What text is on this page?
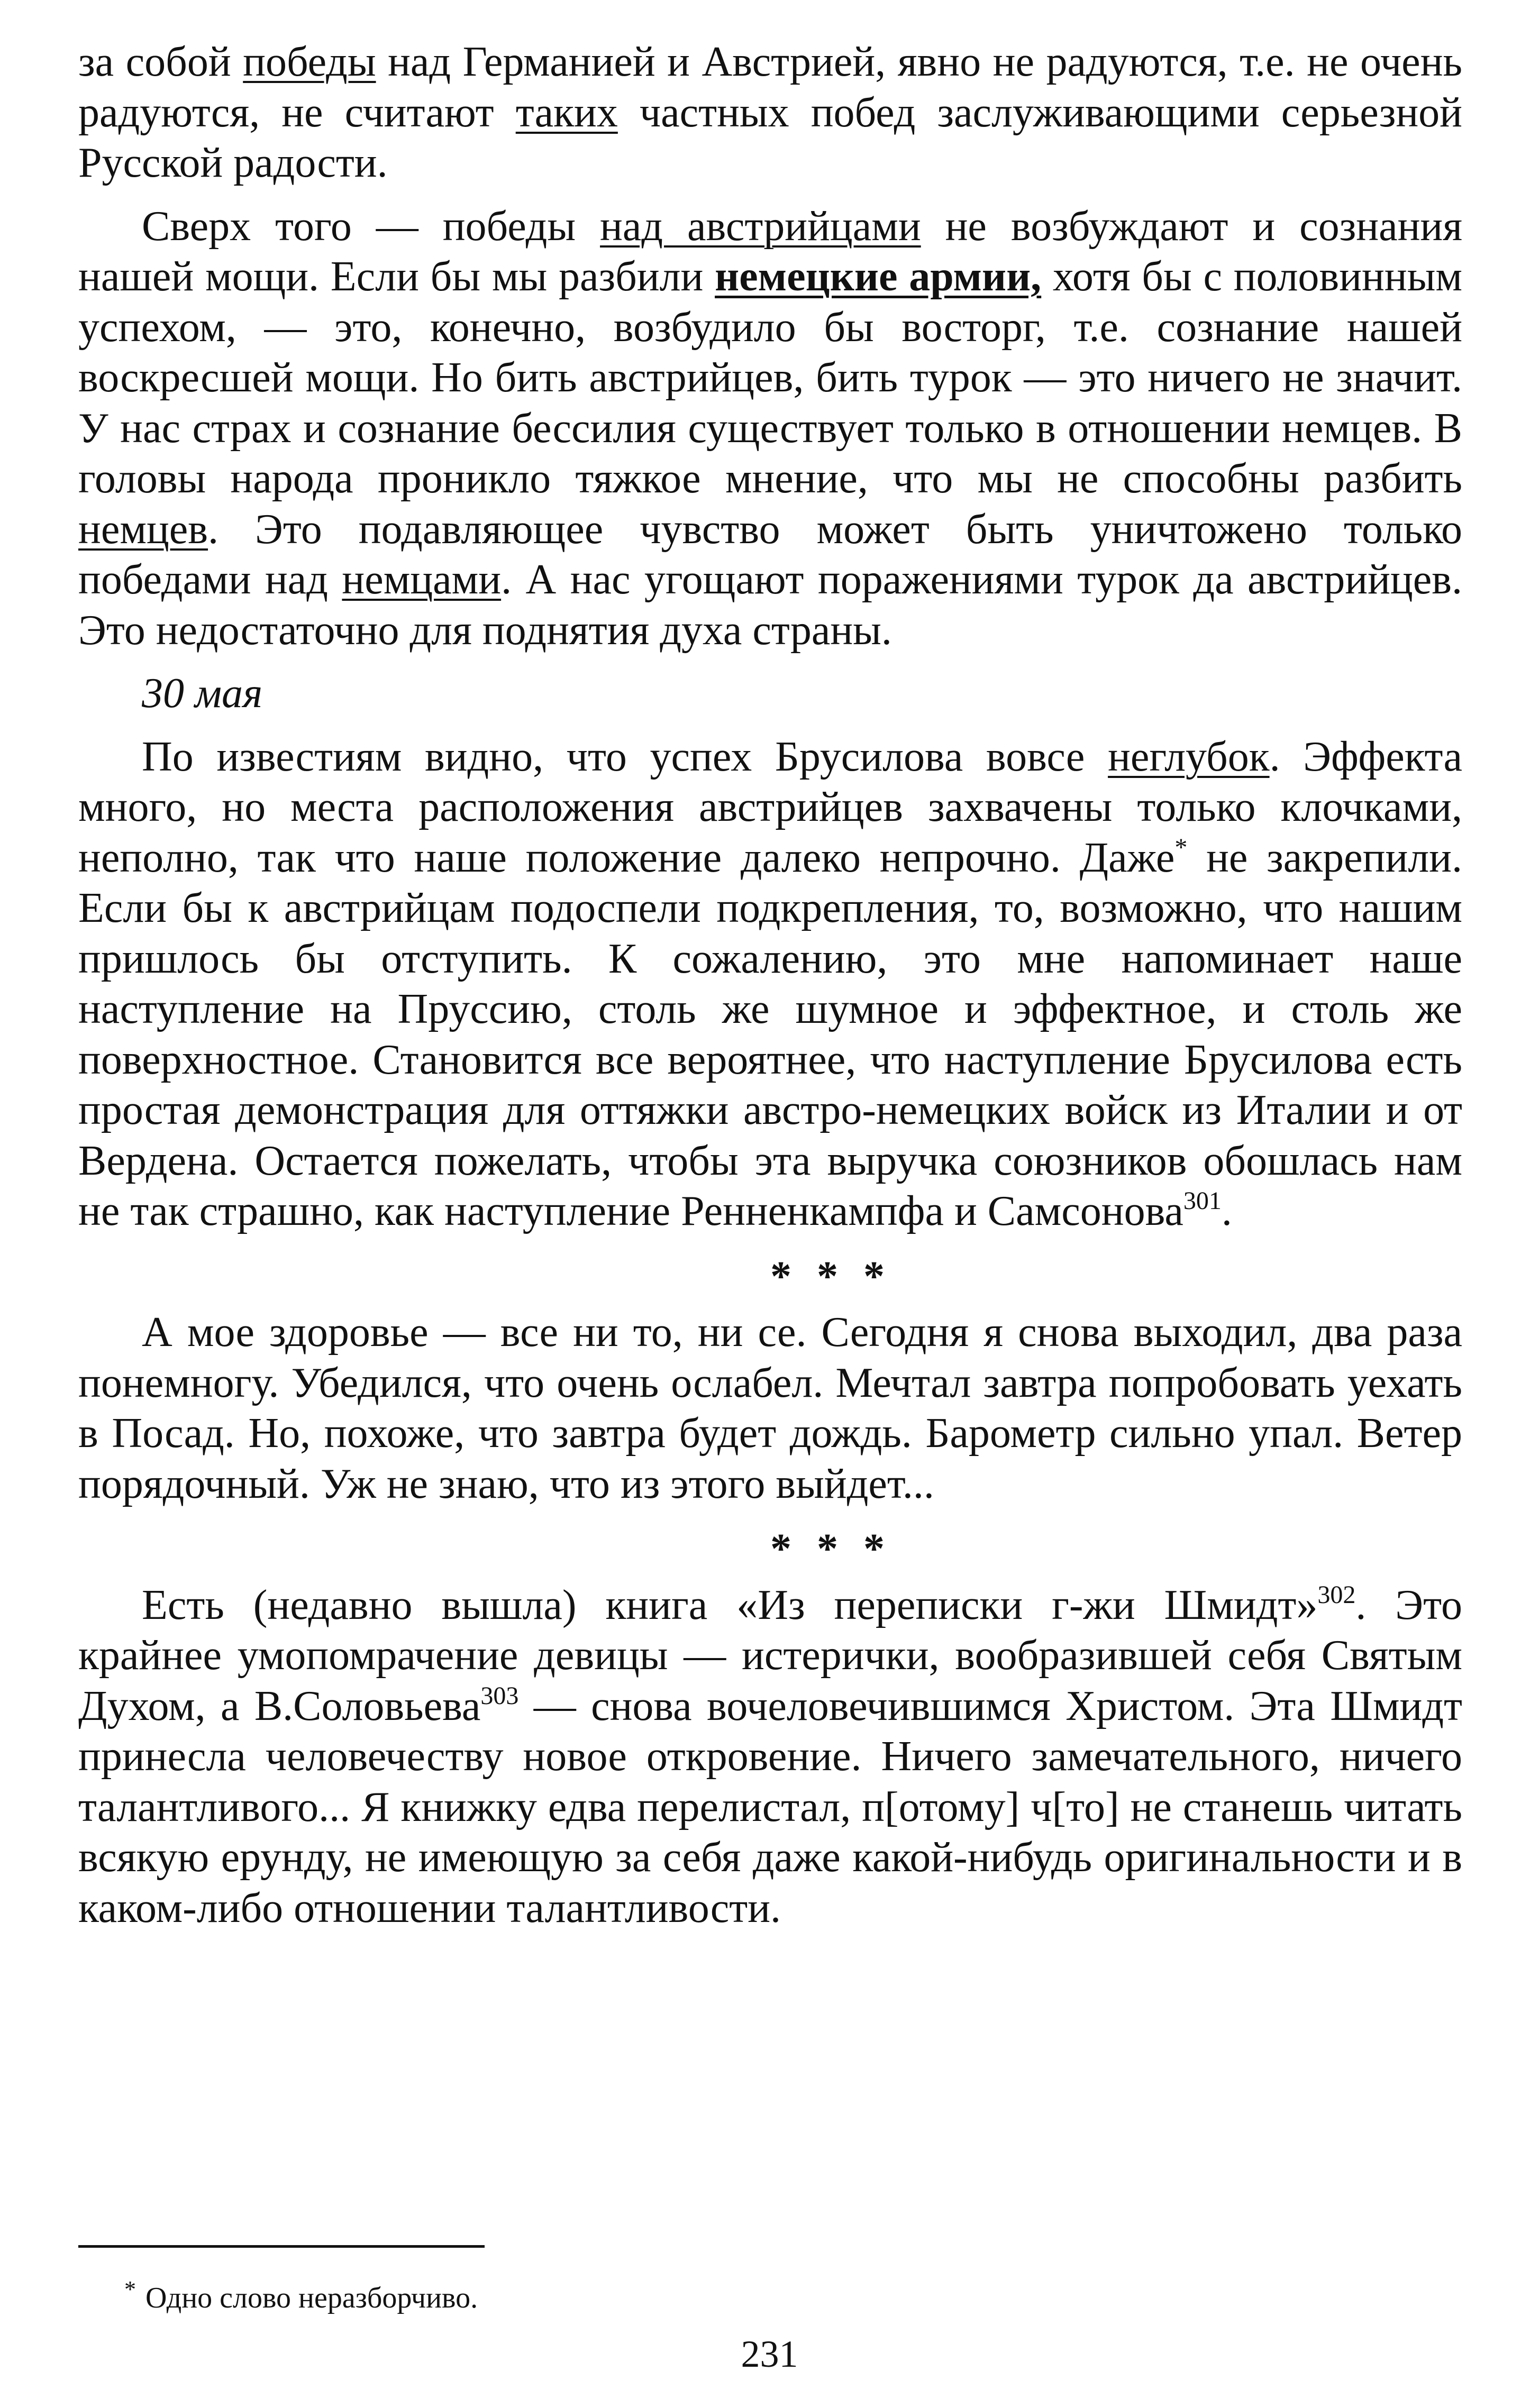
за собой победы над Германией и Австрией, явно не радуются, т.е. не очень радуются, не считают таких частных побед заслуживающими серьезной Русской радости.

Сверх того — победы над австрийцами не возбуждают и сознания нашей мощи. Если бы мы разбили немецкие армии, хотя бы с половинным успехом, — это, конечно, возбудило бы восторг, т.е. сознание нашей воскресшей мощи. Но бить австрийцев, бить турок — это ничего не значит. У нас страх и сознание бессилия существует только в отношении немцев. В головы народа проникло тяжкое мнение, что мы не способны разбить немцев. Это подавляющее чувство может быть уничтожено только победами над немцами. А нас угощают поражениями турок да австрийцев. Это недостаточно для поднятия духа страны.

30 мая

По известиям видно, что успех Брусилова вовсе неглубок. Эффекта много, но места расположения австрийцев захвачены только клочками, неполно, так что наше положение далеко непрочно. Даже* не закрепили. Если бы к австрийцам подоспели подкрепления, то, возможно, что нашим пришлось бы отступить. К сожалению, это мне напоминает наше наступление на Пруссию, столь же шумное и эффектное, и столь же поверхностное. Становится все вероятнее, что наступление Брусилова есть простая демонстрация для оттяжки австро-немецких войск из Италии и от Вердена. Остается пожелать, чтобы эта выручка союзников обошлась нам не так страшно, как наступление Ренненкампфа и Самсонова$^{301}$.

* * *

А мое здоровье — все ни то, ни се. Сегодня я снова выходил, два раза понемногу. Убедился, что очень ослабел. Мечтал завтра попробовать уехать в Посад. Но, похоже, что завтра будет дождь. Барометр сильно упал. Ветер порядочный. Уж не знаю, что из этого выйдет...

* * *

Есть (недавно вышла) книга «Из переписки г-жи Шмидт»$^{302}$. Это крайнее умопомрачение девицы — истерички, вообразившей себя Святым Духом, а В.Соловьева$^{303}$ — снова вочеловечившимся Христом. Эта Шмидт принесла человечеству новое откровение. Ничего замечательного, ничего талантливого... Я книжку едва перелистал, п[отому] ч[то] не станешь читать всякую ерунду, не имеющую за себя даже какой-нибудь оригинальности и в каком-либо отношении талантливости.

* Одно слово неразборчиво.
231
